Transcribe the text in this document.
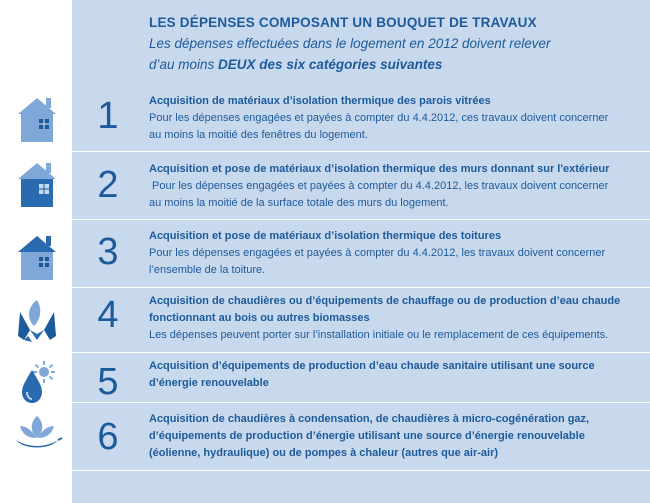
LES DÉPENSES COMPOSANT UN BOUQUET DE TRAVAUX
Les dépenses effectuées dans le logement en 2012 doivent relever
d’au moins DEUX des six catégories suivantes
1	Acquisition de matériaux d’isolation thermique des parois vitrées
Pour les dépenses engagées et payées à compter du 4.4.2012, ces travaux doivent concerner
au moins la moitié des fenêtres du logement.
2	Acquisition et pose de matériaux d’isolation thermique des murs donnant sur l'extérieur
Pour les dépenses engagées et payées à compter du 4.4.2012, les travaux doivent concerner
au moins la moitié de la surface totale des murs du logement.
3	Acquisition et pose de matériaux d’isolation thermique des toitures
Pour les dépenses engagées et payées à compter du 4.4.2012, les travaux doivent concerner
l’ensemble de la toiture.
4	Acquisition de chaudières ou d’équipements de chauffage ou de production d’eau chaude
fonctionnant au bois ou autres biomasses
Les dépenses peuvent porter sur l’installation initiale ou le remplacement de ces équipements.
5	Acquisition d’équipements de production d’eau chaude sanitaire utilisant une source
d’énergie renouvelable
6	Acquisition de chaudières à condensation, de chaudières à micro-cogénération gaz,
d’équipements de production d’énergie utilisant une source d’énergie renouvelable
(éolienne, hydraulique) ou de pompes à chaleur (autres que air-air)
